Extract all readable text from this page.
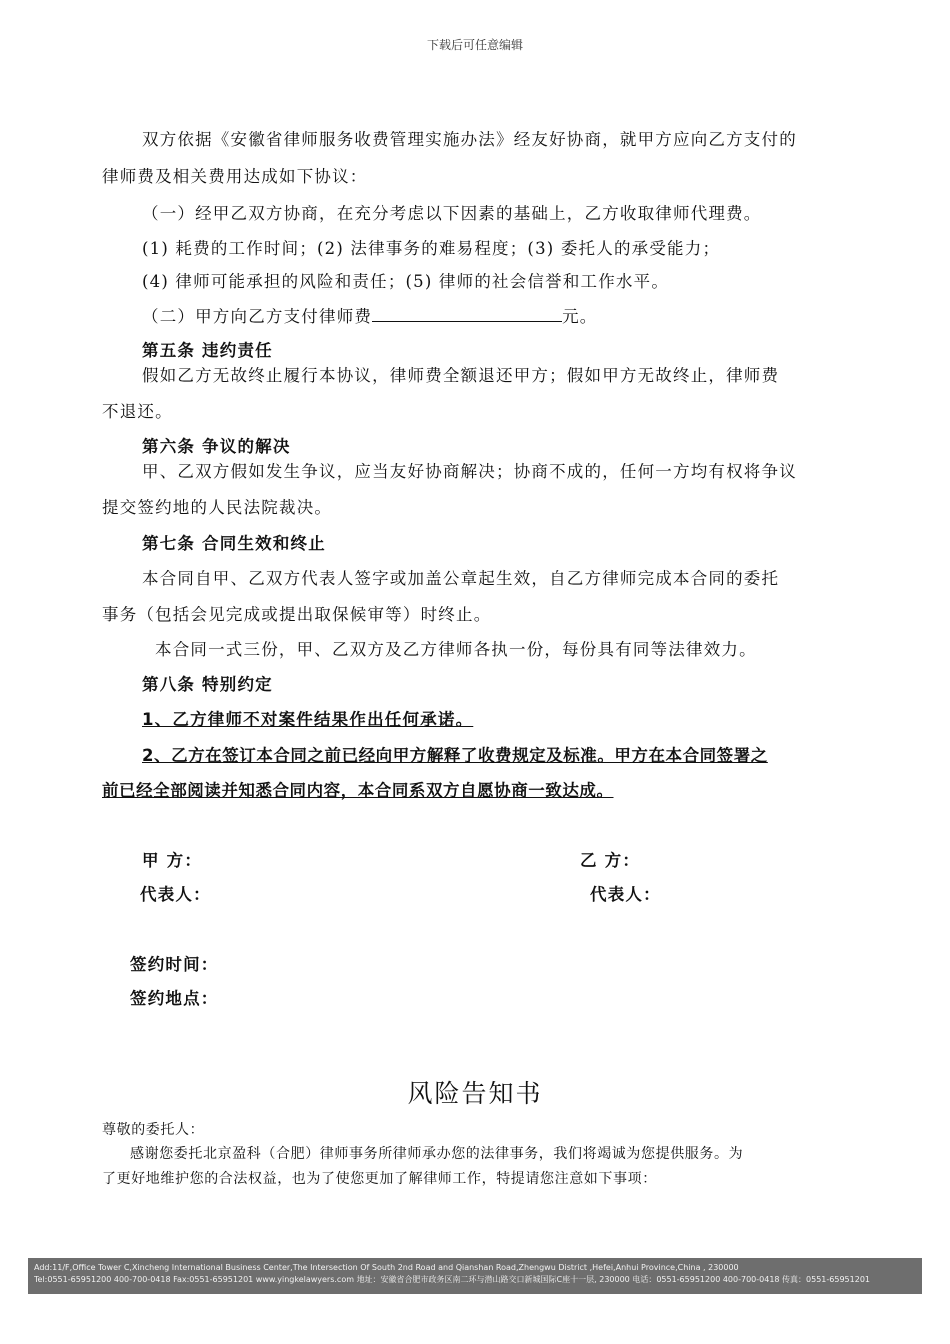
下载后可任意编辑
双方依据《安徽省律师服务收费管理实施办法》经友好协商，就甲方应向乙方支付的
律师费及相关费用达成如下协议：
（一）经甲乙双方协商，在充分考虑以下因素的基础上，乙方收取律师代理费。
(1) 耗费的工作时间；(2) 法律事务的难易程度；(3) 委托人的承受能力；
(4) 律师可能承担的风险和责任；(5) 律师的社会信誉和工作水平。
（二）甲方向乙方支付律师费	元。
第五条 违约责任
假如乙方无故终止履行本协议，律师费全额退还甲方；假如甲方无故终止，律师费
不退还。
第六条 争议的解决
甲、乙双方假如发生争议，应当友好协商解决；协商不成的，任何一方均有权将争议
提交签约地的人民法院裁决。
第七条 合同生效和终止
本合同自甲、乙双方代表人签字或加盖公章起生效，自乙方律师完成本合同的委托
事务（包括会见完成或提出取保候审等）时终止。
本合同一式三份，甲、乙双方及乙方律师各执一份，每份具有同等法律效力。
第八条 特别约定
1、乙方律师不对案件结果作出任何承诺。
2、乙方在签订本合同之前已经向甲方解释了收费规定及标准。甲方在本合同签署之
前已经全部阅读并知悉合同内容，本合同系双方自愿协商一致达成。
甲 方：	乙 方：
代表人：	代表人：
签约时间：
签约地点：
风险告知书
尊敬的委托人：
感谢您委托北京盈科（合肥）律师事务所律师承办您的法律事务，我们将竭诚为您提供服务。为
了更好地维护您的合法权益，也为了使您更加了解律师工作，特提请您注意如下事项：
Add:11/F,Office Tower C,Xincheng International Business Center,The Intersection Of South 2nd Road and Qianshan Road,Zhengwu District ,Hefei,Anhui Province,China , 230000
Tel:0551-65951200 400-700-0418 Fax:0551-65951201 www.yingkelawyers.com 地址：安徽省合肥市政务区南二环与潜山路交口新城国际C座十一层, 230000 电话：0551-65951200 400-700-0418 传真：0551-65951201
